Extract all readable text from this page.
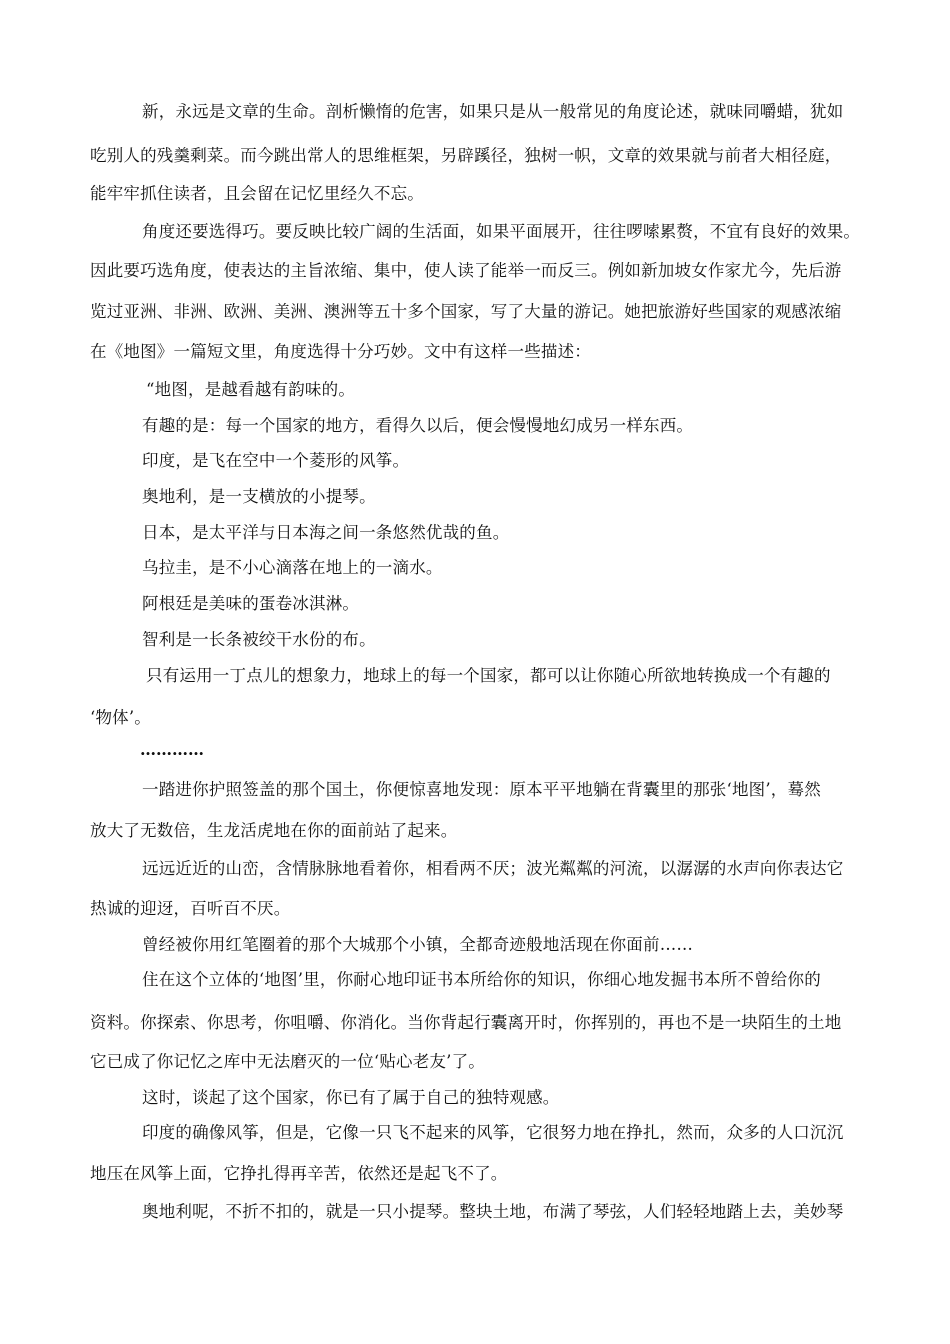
新，永远是文章的生命。剖析懒惰的危害，如果只是从一般常见的角度论述，就味同嚼蜡，犹如
吃别人的残羹剩菜。而今跳出常人的思维框架，另辟蹊径，独树一帜，文章的效果就与前者大相径庭，
能牢牢抓住读者，且会留在记忆里经久不忘。
角度还要选得巧。要反映比较广阔的生活面，如果平面展开，往往啰嗦累赘，不宜有良好的效果。
因此要巧选角度，使表达的主旨浓缩、集中，使人读了能举一而反三。例如新加坡女作家尤今，先后游
览过亚洲、非洲、欧洲、美洲、澳洲等五十多个国家，写了大量的游记。她把旅游好些国家的观感浓缩
在《地图》一篇短文里，角度选得十分巧妙。文中有这样一些描述：
“地图，是越看越有韵味的。
有趣的是：每一个国家的地方，看得久以后，便会慢慢地幻成另一样东西。
印度，是飞在空中一个菱形的风筝。
奥地利，是一支横放的小提琴。
日本，是太平洋与日本海之间一条悠然优哉的鱼。
乌拉圭，是不小心滴落在地上的一滴水。
阿根廷是美味的蛋卷冰淇淋。
智利是一长条被绞干水份的布。
只有运用一丁点儿的想象力，地球上的每一个国家，都可以让你随心所欲地转换成一个有趣的
‘物体’。
…………
一踏进你护照签盖的那个国土，你便惊喜地发现：原本平平地躺在背囊里的那张‘地图’，蓦然
放大了无数倍，生龙活虎地在你的面前站了起来。
远远近近的山峦，含情脉脉地看着你，相看两不厌；波光粼粼的河流，以潺潺的水声向你表达它
热诚的迎迓，百听百不厌。
曾经被你用红笔圈着的那个大城那个小镇，全都奇迹般地活现在你面前……
住在这个立体的‘地图’里，你耐心地印证书本所给你的知识，你细心地发掘书本所不曾给你的
资料。你探索、你思考，你咀嚼、你消化。当你背起行囊离开时，你挥别的，再也不是一块陌生的土地
它已成了你记忆之库中无法磨灭的一位‘贴心老友’了。
这时，谈起了这个国家，你已有了属于自己的独特观感。
印度的确像风筝，但是，它像一只飞不起来的风筝，它很努力地在挣扎，然而，众多的人口沉沉
地压在风筝上面，它挣扎得再辛苦，依然还是起飞不了。
奥地利呢，不折不扣的，就是一只小提琴。整块土地，布满了琴弦，人们轻轻地踏上去，美妙琴
